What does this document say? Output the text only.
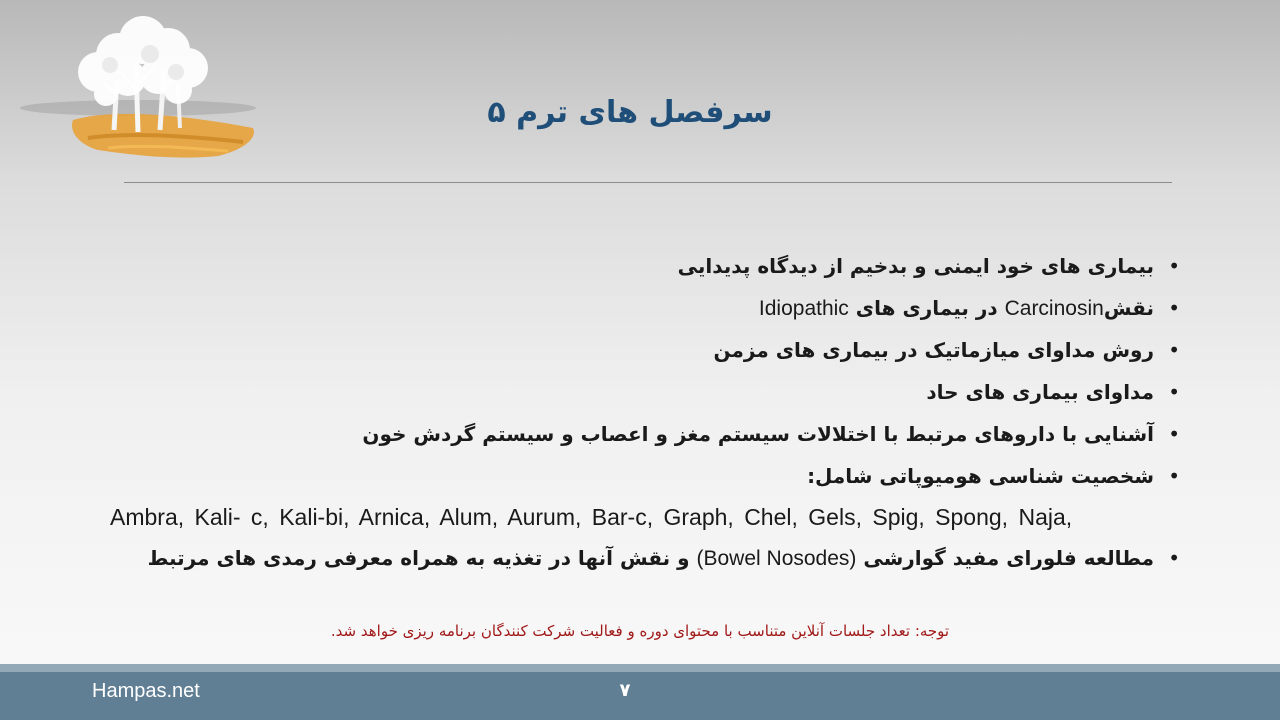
سرفصل های ترم ۵
• بیماری های خود ایمنی و بدخیم از دیدگاه پدیدایی
• نقشCarcinosin در بیماری های Idiopathic
• روش مداوای میازماتیک در بیماری های مزمن
• مداوای بیماری های حاد
• آشنایی با داروهای مرتبط با اختلالات سیستم مغز و اعصاب و سیستم گردش خون
• شخصیت شناسی هومیوپاتی شامل:
Ambra, Kali- c, Kali-bi, Arnica, Alum, Aurum, Bar-c, Graph, Chel, Gels, Spig, Spong, Naja,
• مطالعه فلورای مفید گوارشی (Bowel Nosodes) و نقش آنها در تغذیه به همراه معرفی رمدی های مرتبط
توجه: تعداد جلسات آنلاین متناسب با محتوای دوره و فعالیت شرکت کنندگان برنامه ریزی خواهد شد.
Hampas.net	۷
